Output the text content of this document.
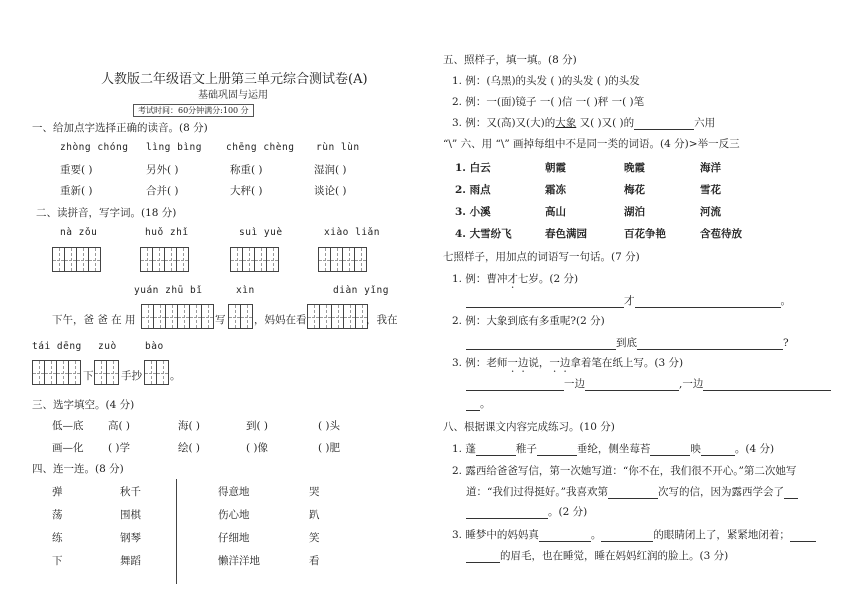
人教版二年级语文上册第三单元综合测试卷(A)
基础巩固与运用
考试时间：60分钟满分:100 分
一、给加点字选择正确的读音。(8 分)
zhòng chóng lìng bìng	chēng chèng rùn lùn
重要( )	另外( )	称重( )	湿润( )
重新( )	合并( )	大秤( )	谈论( )
二、读拼音，写字词。(18 分)
nà zǒu	huǒ zhǐ	suì yuè	xiào liǎn
yuán zhū bǐ	xìn	diàn yǐng
下午，爸 爸 在 用	写	，妈妈在看	，我在
tái dēng zuò	bào
下	手抄	。
三、选字填空。(4 分)
低—底 高( )	海( )	到( )	( )头
画—化 ( )学	绘( )	( )像	( )肥
四、连一连。(8 分)
弹
荡
练
下
秋千
围棋
钢琴
舞蹈
得意地
伤心地
仔细地
懒洋洋地
哭
趴
笑
看
五、照样子，填一填。(8 分)
1. 例：(乌黑)的头发 ( )的头发 ( )的头发
2. 例：一(面)镜子 一( )信 一( )秤 一( )笔
3. 例：又(高)又(大)的大象 又( )又( )的	六用
“\” 六、用 “\” 画掉每组中不是同一类的词语。(4 分)>举一反三
1. 白云	朝霞	晚霞	海洋
2. 雨点	霜冻	梅花	雪花
3. 小溪	高山	湖泊	河流
4. 大雪纷飞	春色满园	百花争艳	含苞待放
七照样子，用加点的词语写一句话。(7 分)
1. 例：曹冲才七岁。(2 分)
才	。
2. 例：大象到底有多重呢?(2 分)
到底	?
3. 例：老师一边说，一边拿着笔在纸上写。(3 分)
一边	,一边
。
八、根据课文内容完成练习。(10 分)
1. 蓬	稚子	垂纶，侧坐莓苔	映	。(4 分)
2. 露西给爸爸写信，第一次她写道：“你不在，我们很不开心。”第二次她写
道：“我们过得挺好。”我喜欢第	次写的信，因为露西学会了
。(2 分)
3. 睡梦中的妈妈真	。	的眼睛闭上了，紧紧地闭着；
的眉毛，也在睡觉，睡在妈妈红润的脸上。(3 分)
